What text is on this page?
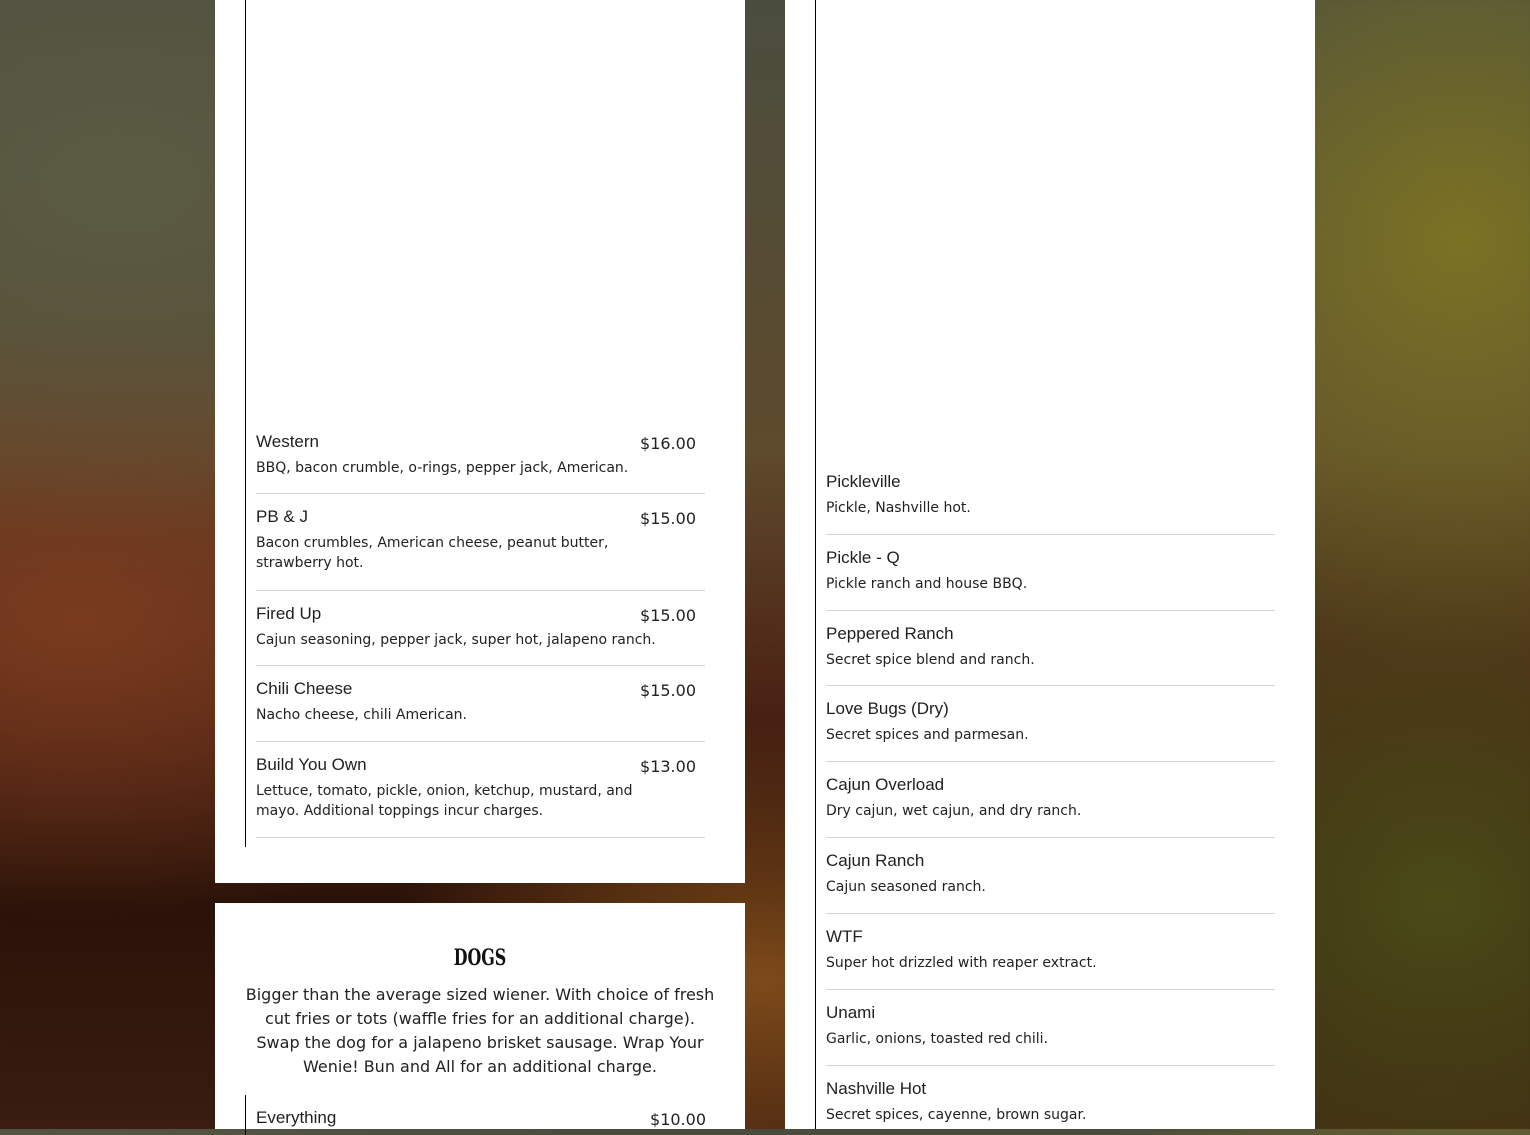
Western
BBQ, bacon crumble, o-rings, pepper jack, American.
$16.00
PB & J
Bacon crumbles, American cheese, peanut butter, strawberry hot.
$15.00
Fired Up
Cajun seasoning, pepper jack, super hot, jalapeno ranch.
$15.00
Chili Cheese
Nacho cheese, chili American.
$15.00
Build You Own
Lettuce, tomato, pickle, onion, ketchup, mustard, and mayo. Additional toppings incur charges.
$13.00
DOGS
Bigger than the average sized wiener. With choice of fresh cut fries or tots (waffle fries for an additional charge). Swap the dog for a jalapeno brisket sausage. Wrap Your Wenie! Bun and All for an additional charge.
Everything	$10.00
Pickleville
Pickle, Nashville hot.
Pickle - Q
Pickle ranch and house BBQ.
Peppered Ranch
Secret spice blend and ranch.
Love Bugs (Dry)
Secret spices and parmesan.
Cajun Overload
Dry cajun, wet cajun, and dry ranch.
Cajun Ranch
Cajun seasoned ranch.
WTF
Super hot drizzled with reaper extract.
Unami
Garlic, onions, toasted red chili.
Nashville Hot
Secret spices, cayenne, brown sugar.
